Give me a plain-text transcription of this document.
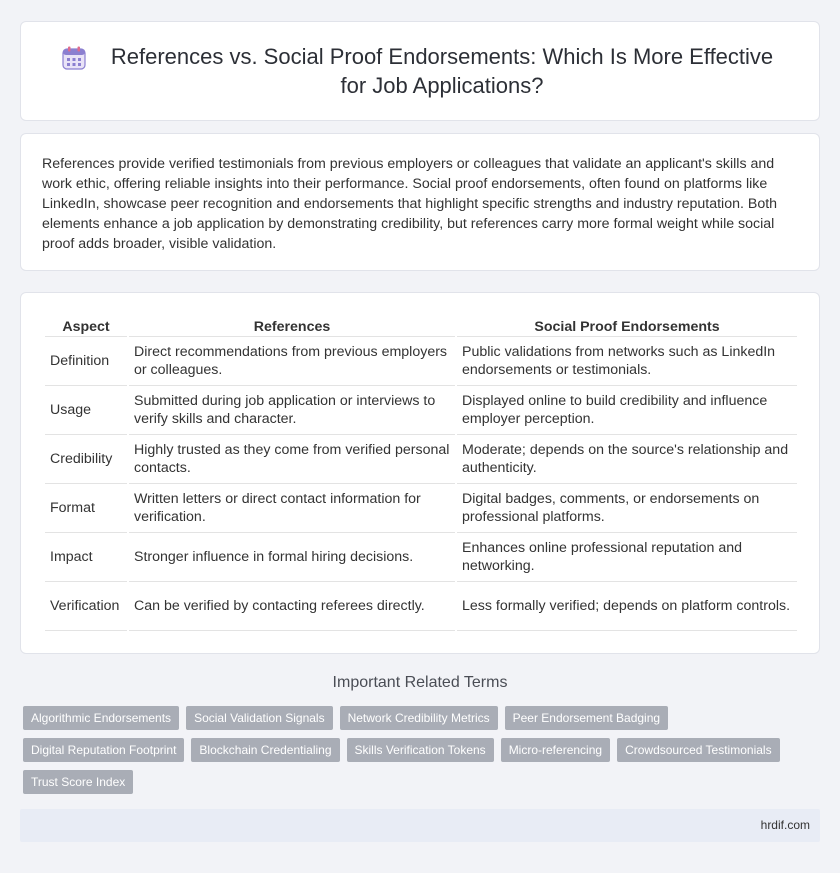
References vs. Social Proof Endorsements: Which Is More Effective for Job Applications?

References provide verified testimonials from previous employers or colleagues that validate an applicant's skills and work ethic, offering reliable insights into their performance. Social proof endorsements, often found on platforms like LinkedIn, showcase peer recognition and endorsements that highlight specific strengths and industry reputation. Both elements enhance a job application by demonstrating credibility, but references carry more formal weight while social proof adds broader, visible validation.

Aspect	References	Social Proof Endorsements
Definition	Direct recommendations from previous employers or colleagues.	Public validations from networks such as LinkedIn endorsements or testimonials.
Usage	Submitted during job application or interviews to verify skills and character.	Displayed online to build credibility and influence employer perception.
Credibility	Highly trusted as they come from verified personal contacts.	Moderate; depends on the source's relationship and authenticity.
Format	Written letters or direct contact information for verification.	Digital badges, comments, or endorsements on professional platforms.
Impact	Stronger influence in formal hiring decisions.	Enhances online professional reputation and networking.
Verification	Can be verified by contacting referees directly.	Less formally verified; depends on platform controls.
Important Related Terms
Algorithmic Endorsements	Social Validation Signals	Network Credibility Metrics	Peer Endorsement Badging
Digital Reputation Footprint	Blockchain Credentialing	Skills Verification Tokens	Micro-referencing	Crowdsourced Testimonials
Trust Score Index
hrdif.com
